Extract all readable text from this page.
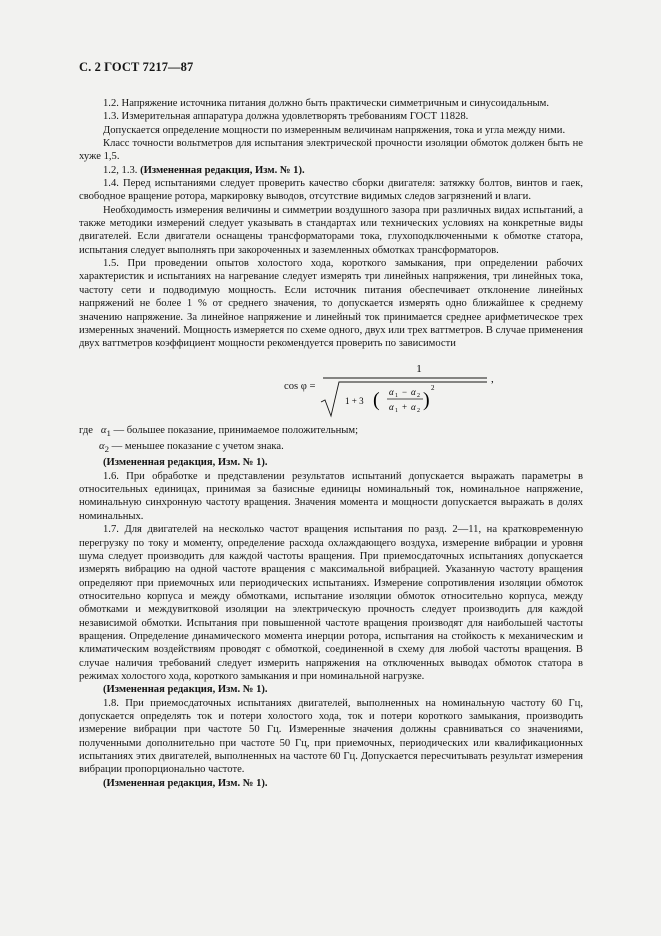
С. 2 ГОСТ 7217—87

1.2. Напряжение источника питания должно быть практически симметричным и синусоидальным.

1.3. Измерительная аппаратура должна удовлетворять требованиям ГОСТ 11828.

Допускается определение мощности по измеренным величинам напряжения, тока и угла между ними.

Класс точности вольтметров для испытания электрической прочности изоляции обмоток должен быть не хуже 1,5.

1.2, 1.3. (Измененная редакция, Изм. № 1).

1.4. Перед испытаниями следует проверить качество сборки двигателя: затяжку болтов, винтов и гаек, свободное вращение ротора, маркировку выводов, отсутствие видимых следов загрязнений и влаги.

Необходимость измерения величины и симметрии воздушного зазора при различных видах испытаний, а также методики измерений следует указывать в стандартах или технических условиях на конкретные виды двигателей. Если двигатели оснащены трансформаторами тока, глухоподключенными к обмотке статора, испытания следует выполнять при закороченных и заземленных обмотках трансформаторов.

1.5. При проведении опытов холостого хода, короткого замыкания, при определении рабочих характеристик и испытаниях на нагревание следует измерять три линейных напряжения, три линейных тока, частоту сети и подводимую мощность. Если источник питания обеспечивает отклонение линейных напряжений не более 1 % от среднего значения, то допускается измерять одно ближайшее к среднему значению напряжение. За линейное напряжение и линейный ток принимается среднее арифметическое трех измеренных значений. Мощность измеряется по схеме одного, двух или трех ваттметров. В случае применения двух ваттметров коэффициент мощности рекомендуется проверить по зависимости

cos φ =
1
1 + 3 ( α 1 − α 2
α 1 + α 2 )
2
,

где $\alpha_1$ — большее показание, принимаемое положительным;

$\alpha_2$ — меньшее показание с учетом знака.

(Измененная редакция, Изм. № 1).

1.6. При обработке и представлении результатов испытаний допускается выражать параметры в относительных единицах, принимая за базисные единицы номинальный ток, номинальное напряжение, номинальную синхронную частоту вращения. Значения момента и мощности допускается выражать в долях номинальных.

1.7. Для двигателей на несколько частот вращения испытания по разд. 2—11, на кратковременную перегрузку по току и моменту, определение расхода охлаждающего воздуха, измерение вибрации и уровня шума следует производить для каждой частоты вращения. При приемосдаточных испытаниях допускается измерять вибрацию на одной частоте вращения с максимальной вибрацией. Указанную частоту вращения определяют при приемочных или периодических испытаниях. Измерение сопротивления изоляции обмоток относительно корпуса и между обмотками, испытание изоляции обмоток относительно корпуса, между обмотками и междувитковой изоляции на электрическую прочность следует производить для каждой независимой обмотки. Испытания при повышенной частоте вращения производят для наибольшей частоты вращения. Определение динамического момента инерции ротора, испытания на стойкость к механическим и климатическим воздействиям проводят с обмоткой, соединенной в схему для любой частоты вращения. В случае наличия требований следует измерить напряжения на отключенных выводах обмоток статора в режимах холостого хода, короткого замыкания и при номинальной нагрузке.

(Измененная редакция, Изм. № 1).

1.8. При приемосдаточных испытаниях двигателей, выполненных на номинальную частоту 60 Гц, допускается определять ток и потери холостого хода, ток и потери короткого замыкания, производить измерение вибрации при частоте 50 Гц. Измеренные значения должны сравниваться со значениями, полученными дополнительно при частоте 50 Гц, при приемочных, периодических или квалификационных испытаниях этих двигателей, выполненных на частоте 60 Гц. Допускается пересчитывать результат измерения вибрации пропорционально частоте.

(Измененная редакция, Изм. № 1).
